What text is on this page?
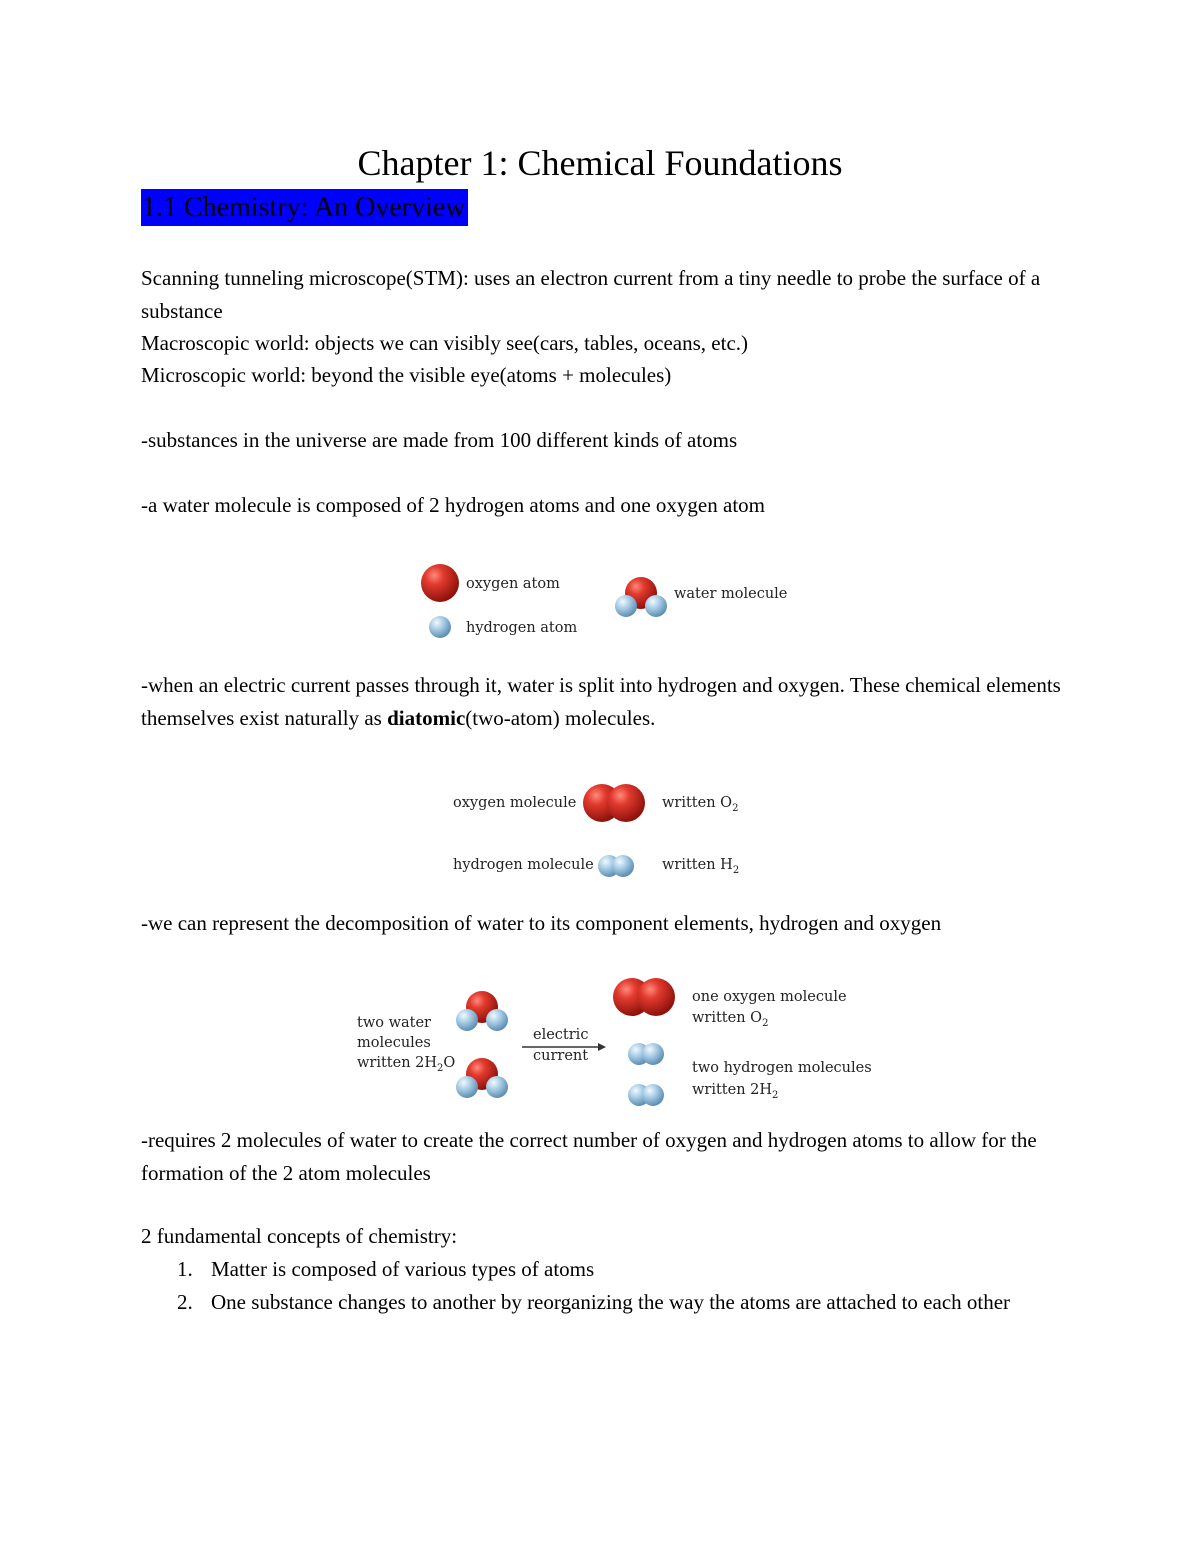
Chapter 1: Chemical Foundations
1.1 Chemistry: An Overview

Scanning tunneling microscope(STM): uses an electron current from a tiny needle to probe the surface of a substance

Macroscopic world: objects we can visibly see(cars, tables, oceans, etc.)

Microscopic world: beyond the visible eye(atoms + molecules)

-substances in the universe are made from 100 different kinds of atoms

-a water molecule is composed of 2 hydrogen atoms and one oxygen atom

oxygen atom
hydrogen atom
water molecule

-when an electric current passes through it, water is split into hydrogen and oxygen. These chemical elements themselves exist naturally as diatomic(two-atom) molecules.

oxygen molecule	written $O_2$
hydrogen molecule	written $H_2$

-we can represent the decomposition of water to its component elements, hydrogen and oxygen

two water
molecules
written $2H_2O$
electric
current
one oxygen molecule
written $O_2$
two hydrogen molecules
written $2H_2$

-requires 2 molecules of water to create the correct number of oxygen and hydrogen atoms to allow for the formation of the 2 atom molecules

2 fundamental concepts of chemistry:

1. Matter is composed of various types of atoms
2. One substance changes to another by reorganizing the way the atoms are attached to each other
